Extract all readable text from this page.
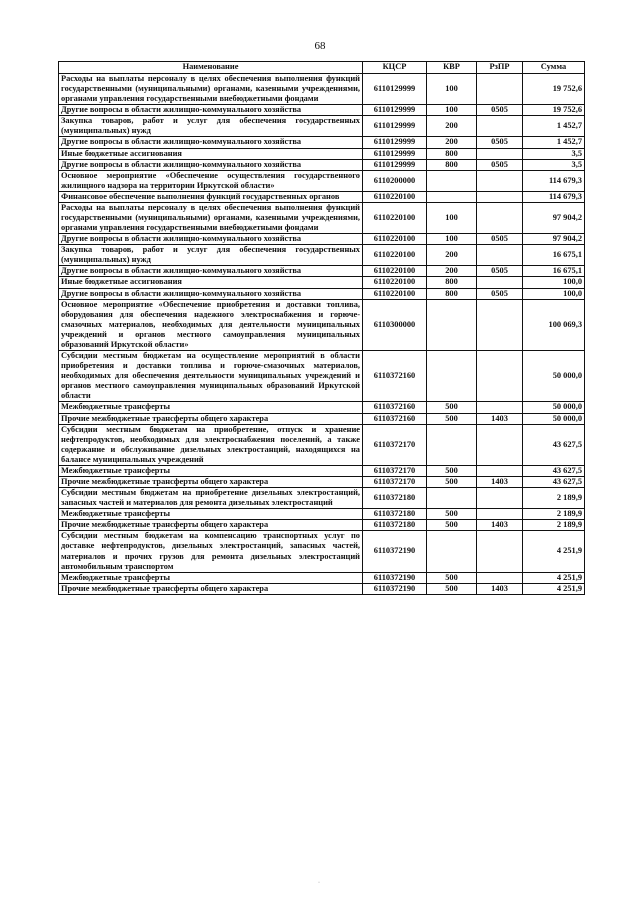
68
Наименование	КЦСР	КВР	РзПР	Сумма
Расходы на выплаты персоналу в целях обеспечения выполнения функций государственными (муниципальными) органами, казенными учреждениями, органами управления государственными внебюджетными фондами	6110129999	100		19 752,6
Другие вопросы в области жилищно-коммунального хозяйства	6110129999	100	0505	19 752,6
Закупка товаров, работ и услуг для обеспечения государственных (муниципальных) нужд	6110129999	200		1 452,7
Другие вопросы в области жилищно-коммунального хозяйства	6110129999	200	0505	1 452,7
Иные бюджетные ассигнования	6110129999	800		3,5
Другие вопросы в области жилищно-коммунального хозяйства	6110129999	800	0505	3,5
Основное мероприятие «Обеспечение осуществления государственного жилищного надзора на территории Иркутской области»	6110200000			114 679,3
Финансовое обеспечение выполнения функций государственных органов	6110220100			114 679,3
Расходы на выплаты персоналу в целях обеспечения выполнения функций государственными (муниципальными) органами, казенными учреждениями, органами управления государственными внебюджетными фондами	6110220100	100		97 904,2
Другие вопросы в области жилищно-коммунального хозяйства	6110220100	100	0505	97 904,2
Закупка товаров, работ и услуг для обеспечения государственных (муниципальных) нужд	6110220100	200		16 675,1
Другие вопросы в области жилищно-коммунального хозяйства	6110220100	200	0505	16 675,1
Иные бюджетные ассигнования	6110220100	800		100,0
Другие вопросы в области жилищно-коммунального хозяйства	6110220100	800	0505	100,0
Основное мероприятие «Обеспечение приобретения и доставки топлива, оборудования для обеспечения надежного электроснабжения и горюче-смазочных материалов, необходимых для деятельности муниципальных учреждений и органов местного самоуправления муниципальных образований Иркутской области»	6110300000			100 069,3
Субсидии местным бюджетам на осуществление мероприятий в области приобретения и доставки топлива и горюче-смазочных материалов, необходимых для обеспечения деятельности муниципальных учреждений и органов местного самоуправления муниципальных образований Иркутской области	6110372160			50 000,0
Межбюджетные трансферты	6110372160	500		50 000,0
Прочие межбюджетные трансферты общего характера	6110372160	500	1403	50 000,0
Субсидии местным бюджетам на приобретение, отпуск и хранение нефтепродуктов, необходимых для электроснабжения поселений, а также содержание и обслуживание дизельных электростанций, находящихся на балансе муниципальных учреждений	6110372170			43 627,5
Межбюджетные трансферты	6110372170	500		43 627,5
Прочие межбюджетные трансферты общего характера	6110372170	500	1403	43 627,5
Субсидии местным бюджетам на приобретение дизельных электростанций, запасных частей и материалов для ремонта дизельных электростанций	6110372180			2 189,9
Межбюджетные трансферты	6110372180	500		2 189,9
Прочие межбюджетные трансферты общего характера	6110372180	500	1403	2 189,9
Субсидии местным бюджетам на компенсацию транспортных услуг по доставке нефтепродуктов, дизельных электростанций, запасных частей, материалов и прочих грузов для ремонта дизельных электростанций автомобильным транспортом	6110372190			4 251,9
Межбюджетные трансферты	6110372190	500		4 251,9
Прочие межбюджетные трансферты общего характера	6110372190	500	1403	4 251,9
·
